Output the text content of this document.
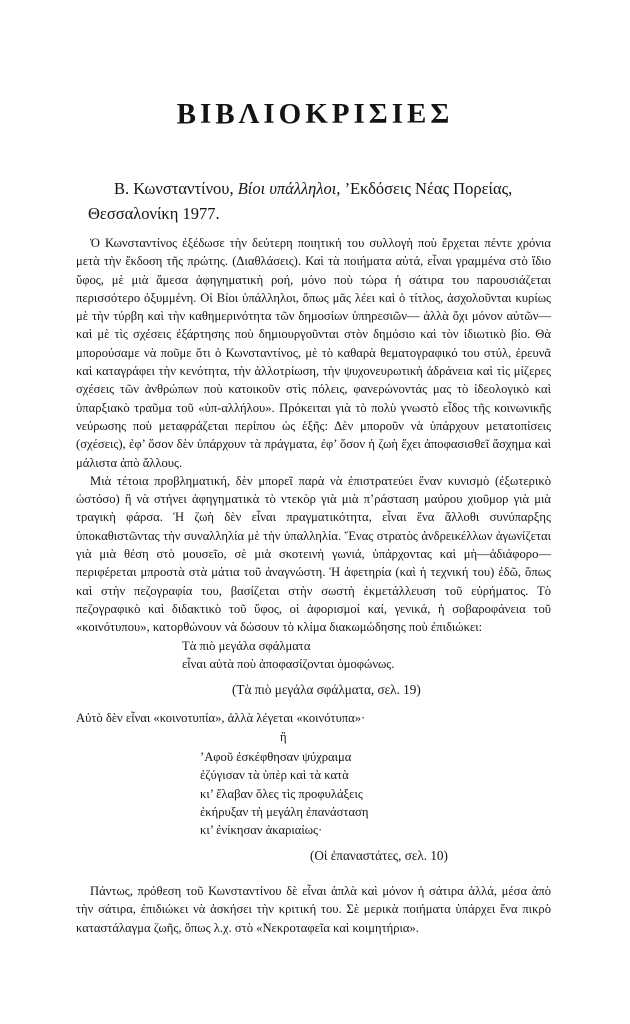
ΒΙΒΛΙΟΚΡΙΣΙΕΣ

Β. Κωνσταντίνου, Βίοι υπάλληλοι, ’Εκδόσεις Νέας Πορείας, Θεσσαλονίκη 1977.

Ὁ Κωνσταντίνος ἐξέδωσε τὴν δεύτερη ποιητική του συλλογὴ ποὺ ἔρχεται πέντε χρόνια μετὰ τὴν ἔκδοση τῆς πρώτης. (Διαθλάσεις). Καὶ τὰ ποιήματα αὐτά, εἶναι γραμμένα στὸ ἴδιο ὕφος, μὲ μιὰ ἄμεσα ἀφηγηματικὴ ροή, μόνο ποὺ τώρα ἡ σάτιρα του παρουσιάζεται περισσότερο ὀξυμμένη. Οἱ Βίοι ὑπάλληλοι, ὅπως μᾶς λέει καὶ ὁ τίτλος, ἀσχολοῦνται κυρίως μὲ τὴν τύρβη καὶ τὴν καθημερινότητα τῶν δημοσίων ὑπηρεσιῶν— ἀλλὰ ὄχι μόνον αὐτῶν— καὶ μὲ τὶς σχέσεις ἐξάρτησης ποὺ δημιουργοῦνται στὸν δημόσιο καὶ τὸν ἰδιωτικὸ βίο. Θὰ μπορούσαμε νὰ ποῦμε ὅτι ὁ Κωνσταντίνος, μὲ τὸ καθαρὰ θεματογραφικό του στύλ, ἐρευνᾶ καὶ καταγράφει τὴν κενότητα, τὴν ἀλλοτρίωση, τὴν ψυχονευρωτικὴ ἀδράνεια καὶ τὶς μίζερες σχέσεις τῶν ἀνθρώπων ποὺ κατοικοῦν στὶς πόλεις, φανερώνοντάς μας τὸ ἰδεολογικὸ καὶ ὑπαρξιακὸ τραῦμα τοῦ «ὑπ-αλλήλου». Πρόκειται γιὰ τὸ πολὺ γνωστὸ εἶδος τῆς κοινωνικῆς νεύρωσης ποὺ μεταφράζεται περίπου ὡς ἑξῆς: Δὲν μποροῦν νὰ ὑπάρχουν μετατοπίσεις (σχέσεις), ἐφ’ ὅσον δὲν ὑπάρχουν τὰ πράγματα, ἐφ’ ὅσον ἡ ζωὴ ἔχει ἀποφασισθεῖ ἄσχημα καὶ μάλιστα ἀπὸ ἄλλους.

Μιὰ τέτοια προβληματική, δὲν μπορεῖ παρὰ νὰ ἐπιστρατεύει ἕναν κυνισμὸ (ἐξωτερικὸ ὡστόσο) ἢ νὰ στήνει ἀφηγηματικὰ τὸ ντεκὸρ γιὰ μιὰ π’ράσταση μαύρου χιοῦμορ γιὰ μιὰ τραγικὴ φάρσα. Ἡ ζωὴ δὲν εἶναι πραγματικότητα, εἶναι ἕνα ἄλλοθι συνύπαρξης ὑποκαθιστῶντας τὴν συναλληλία μὲ τὴν ὑπαλληλία. Ἕνας στρατὸς ἀνδρεικέλλων ἀγωνίζεται γιὰ μιὰ θέση στὸ μουσεῖο, σὲ μιὰ σκοτεινὴ γωνιά, ὑπάρχοντας καὶ μὴ—ἀδιάφορο—περιφέρεται μπροστὰ στὰ μάτια τοῦ ἀναγνώστη. Ἡ ἀφετηρία (καὶ ἡ τεχνική του) ἐδῶ, ὅπως καὶ στὴν πεζογραφία του, βασίζεται στὴν σωστὴ ἐκμετάλλευση τοῦ εὑρήματος. Τὸ πεζογραφικὸ καὶ διδακτικὸ τοῦ ὕφος, οἱ ἀφορισμοί καί, γενικά, ἡ σοβαροφάνεια τοῦ «κοινότυπου», κατορθώνουν νὰ δώσουν τὸ κλίμα διακωμώδησης ποὺ ἐπιδιώκει:

Τὰ πιὸ μεγάλα σφάλματα
εἶναι αὐτὰ ποὺ ἀποφασίζονται ὁμοφώνως.
(Τὰ πιὸ μεγάλα σφάλματα, σελ. 19)
Αὐτὸ δὲν εἶναι «κοινοτυπία», ἀλλὰ λέγεται «κοινότυπα»·
ἢ
’Αφοῦ ἐσκέφθησαν ψύχραιμα
ἐζύγισαν τὰ ὑπὲρ καὶ τὰ κατὰ
κι’ ἔλαβαν ὅλες τὶς προφυλάξεις
ἐκήρυξαν τὴ μεγάλη ἐπανάσταση
κι’ ἐνίκησαν ἀκαριαίως·
(Οἱ ἐπαναστάτες, σελ. 10)

Πάντως, πρόθεση τοῦ Κωνσταντίνου δὲ εἶναι ἁπλὰ καὶ μόνον ἡ σάτιρα ἀλλά, μέσα ἀπὸ τὴν σάτιρα, ἐπιδιώκει νὰ ἀσκήσει τὴν κριτική του. Σὲ μερικὰ ποιήματα ὑπάρχει ἕνα πικρὸ καταστάλαγμα ζωῆς, ὅπως λ.χ. στὸ «Νεκροταφεῖα καὶ κοιμητήρια».
